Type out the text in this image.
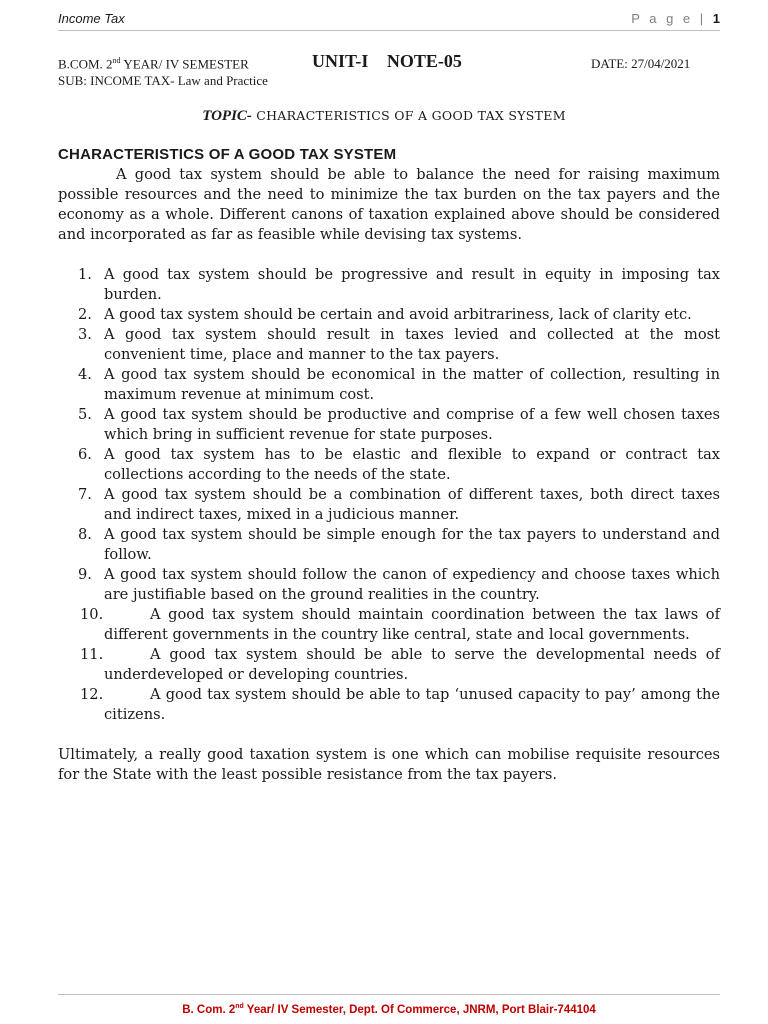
Income Tax	P a g e | 1
B.COM. 2nd YEAR/ IV SEMESTER
SUB: INCOME TAX- Law and Practice
UNIT-I NOTE-05	DATE: 27/04/2021
TOPIC- CHARACTERISTICS OF A GOOD TAX SYSTEM
CHARACTERISTICS OF A GOOD TAX SYSTEM

A good tax system should be able to balance the need for raising maximum possible resources and the need to minimize the tax burden on the tax payers and the economy as a whole. Different canons of taxation explained above should be considered and incorporated as far as feasible while devising tax systems.

1. A good tax system should be progressive and result in equity in imposing tax burden.
2. A good tax system should be certain and avoid arbitrariness, lack of clarity etc.
3. A good tax system should result in taxes levied and collected at the most convenient time, place and manner to the tax payers.
4. A good tax system should be economical in the matter of collection, resulting in maximum revenue at minimum cost.
5. A good tax system should be productive and comprise of a few well chosen taxes which bring in sufficient revenue for state purposes.
6. A good tax system has to be elastic and flexible to expand or contract tax collections according to the needs of the state.
7. A good tax system should be a combination of different taxes, both direct taxes and indirect taxes, mixed in a judicious manner.
8. A good tax system should be simple enough for the tax payers to understand and follow.
9. A good tax system should follow the canon of expediency and choose taxes which are justifiable based on the ground realities in the country.
10.	A good tax system should maintain coordination between the tax laws of different governments in the country like central, state and local governments.
11.	A good tax system should be able to serve the developmental needs of underdeveloped or developing countries.
12.	A good tax system should be able to tap ‘unused capacity to pay’ among the citizens.

Ultimately, a really good taxation system is one which can mobilise requisite resources for the State with the least possible resistance from the tax payers.

B. Com. 2nd Year/ IV Semester, Dept. Of Commerce, JNRM, Port Blair-744104
